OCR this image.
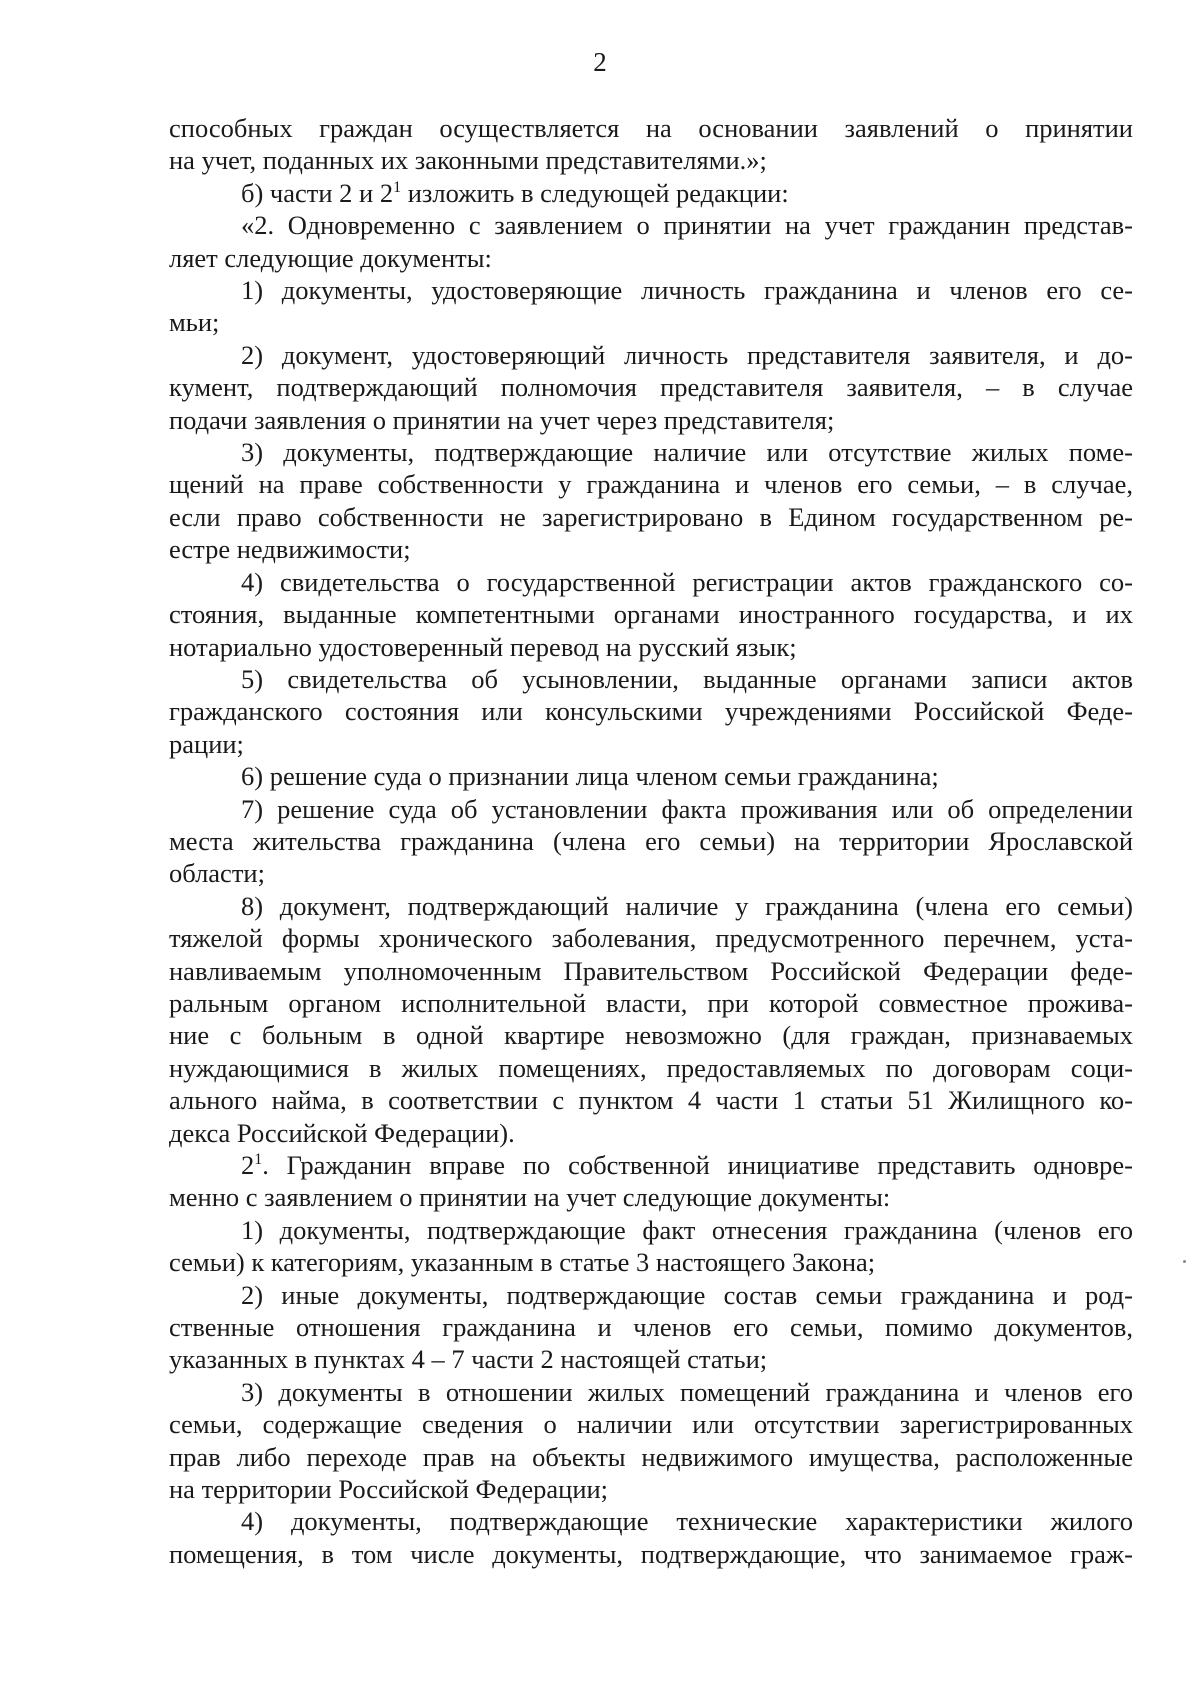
2
способных граждан осуществляется на основании заявлений о принятии
на учет, поданных их законными представителями.»;
б) части 2 и $2^1$ изложить в следующей редакции:
«2. Одновременно с заявлением о принятии на учет гражданин представ-
ляет следующие документы:
1) документы, удостоверяющие личность гражданина и членов его се-
мьи;
2) документ, удостоверяющий личность представителя заявителя, и до-
кумент, подтверждающий полномочия представителя заявителя, – в случае
подачи заявления о принятии на учет через представителя;
3) документы, подтверждающие наличие или отсутствие жилых поме-
щений на праве собственности у гражданина и членов его семьи, – в случае,
если право собственности не зарегистрировано в Едином государственном ре-
естре недвижимости;
4) свидетельства о государственной регистрации актов гражданского со-
стояния, выданные компетентными органами иностранного государства, и их
нотариально удостоверенный перевод на русский язык;
5) свидетельства об усыновлении, выданные органами записи актов
гражданского состояния или консульскими учреждениями Российской Феде-
рации;
6) решение суда о признании лица членом семьи гражданина;
7) решение суда об установлении факта проживания или об определении
места жительства гражданина (члена его семьи) на территории Ярославской
области;
8) документ, подтверждающий наличие у гражданина (члена его семьи)
тяжелой формы хронического заболевания, предусмотренного перечнем, уста-
навливаемым уполномоченным Правительством Российской Федерации феде-
ральным органом исполнительной власти, при которой совместное прожива-
ние с больным в одной квартире невозможно (для граждан, признаваемых
нуждающимися в жилых помещениях, предоставляемых по договорам соци-
ального найма, в соответствии с пунктом 4 части 1 статьи 51 Жилищного ко-
декса Российской Федерации).
$2^1$. Гражданин вправе по собственной инициативе представить одновре-
менно с заявлением о принятии на учет следующие документы:
1) документы, подтверждающие факт отнесения гражданина (членов его
семьи) к категориям, указанным в статье 3 настоящего Закона;
2) иные документы, подтверждающие состав семьи гражданина и род-
ственные отношения гражданина и членов его семьи, помимо документов,
указанных в пунктах 4 – 7 части 2 настоящей статьи;
3) документы в отношении жилых помещений гражданина и членов его
семьи, содержащие сведения о наличии или отсутствии зарегистрированных
прав либо переходе прав на объекты недвижимого имущества, расположенные
на территории Российской Федерации;
4) документы, подтверждающие технические характеристики жилого
помещения, в том числе документы, подтверждающие, что занимаемое граж-
